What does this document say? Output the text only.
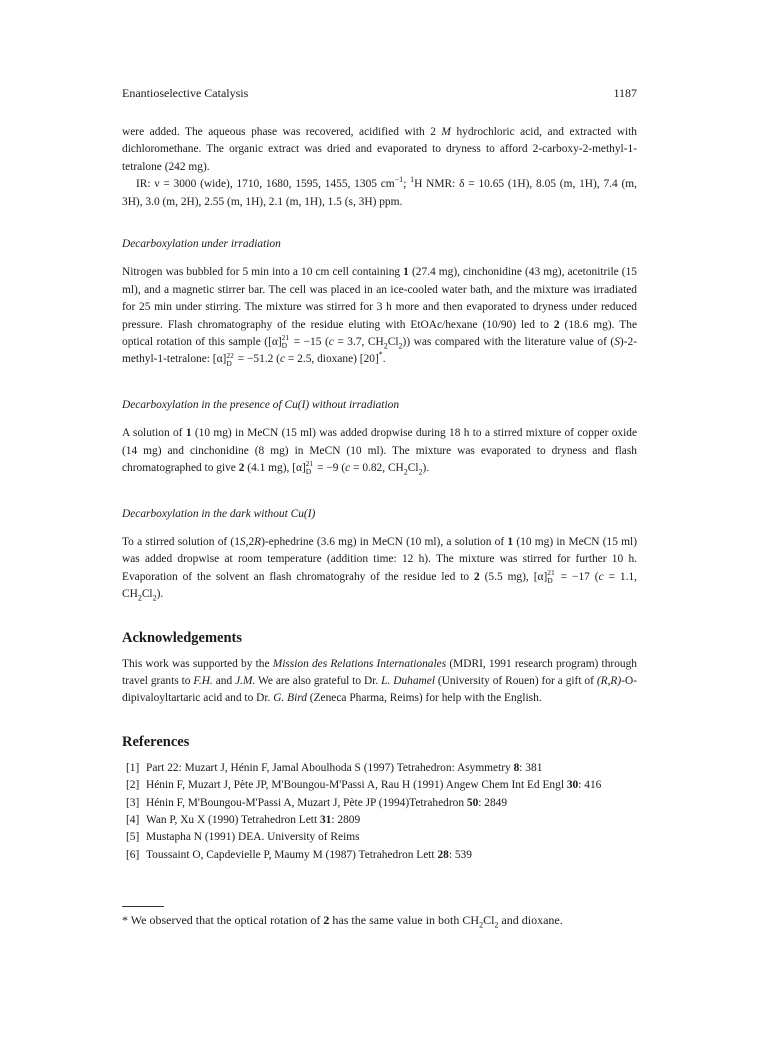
Enantioselective Catalysis	1187

were added. The aqueous phase was recovered, acidified with 2 M hydrochloric acid, and extracted with dichloromethane. The organic extract was dried and evaporated to dryness to afford 2-carboxy-2-methyl-1-tetralone (242 mg).

IR: ν = 3000 (wide), 1710, 1680, 1595, 1455, 1305 $cm^{-1}$; $^1$H NMR: δ = 10.65 (1H), 8.05 (m, 1H), 7.4 (m, 3H), 3.0 (m, 2H), 2.55 (m, 1H), 2.1 (m, 1H), 1.5 (s, 3H) ppm.

Decarboxylation under irradiation

Nitrogen was bubbled for 5 min into a 10 cm cell containing 1 (27.4 mg), cinchonidine (43 mg), acetonitrile (15 ml), and a magnetic stirrer bar. The cell was placed in an ice-cooled water bath, and the mixture was irradiated for 25 min under stirring. The mixture was stirred for 3 h more and then evaporated to dryness under reduced pressure. Flash chromatography of the residue eluting with EtOAc/hexane (10/90) led to 2 (18.6 mg). The optical rotation of this sample ([α] 21
D = −15 (c = 3.7, $CH_2Cl_2$)) was compared with the literature value of (S)-2-methyl-1-tetralone: [α] 22
D = −51.2 (c = 2.5, dioxane) [20]*.

Decarboxylation in the presence of Cu(I) without irradiation

A solution of 1 (10 mg) in MeCN (15 ml) was added dropwise during 18 h to a stirred mixture of copper oxide (14 mg) and cinchonidine (8 mg) in MeCN (10 ml). The mixture was evaporated to dryness and flash chromatographed to give 2 (4.1 mg), [α] 21
D = −9 (c = 0.82, $CH_2Cl_2$).

Decarboxylation in the dark without Cu(I)

To a stirred solution of (1S,2R)-ephedrine (3.6 mg) in MeCN (10 ml), a solution of 1 (10 mg) in MeCN (15 ml) was added dropwise at room temperature (addition time: 12 h). The mixture was stirred for further 10 h. Evaporation of the solvent an flash chromatograhy of the residue led to 2 (5.5 mg), [α] 21
D = −17 (c = 1.1, $CH_2Cl_2$).

Acknowledgements

This work was supported by the Mission des Relations Internationales (MDRI, 1991 research program) through travel grants to F.H. and J.M. We are also grateful to Dr. L. Duhamel (University of Rouen) for a gift of (R,R)-O-dipivaloyltartaric acid and to Dr. G. Bird (Zeneca Pharma, Reims) for help with the English.

References
[1] Part 22: Muzart J, Hénin F, Jamal Aboulhoda S (1997) Tetrahedron: Asymmetry 8: 381
[2] Hénin F, Muzart J, Pète JP, M'Boungou-M'Passi A, Rau H (1991) Angew Chem Int Ed Engl 30: 416
[3] Hénin F, M'Boungou-M'Passi A, Muzart J, Pète JP (1994)Tetrahedron 50: 2849
[4] Wan P, Xu X (1990) Tetrahedron Lett 31: 2809
[5] Mustapha N (1991) DEA. University of Reims
[6] Toussaint O, Capdevielle P, Maumy M (1987) Tetrahedron Lett 28: 539

* We observed that the optical rotation of 2 has the same value in both $CH_2Cl_2$ and dioxane.
